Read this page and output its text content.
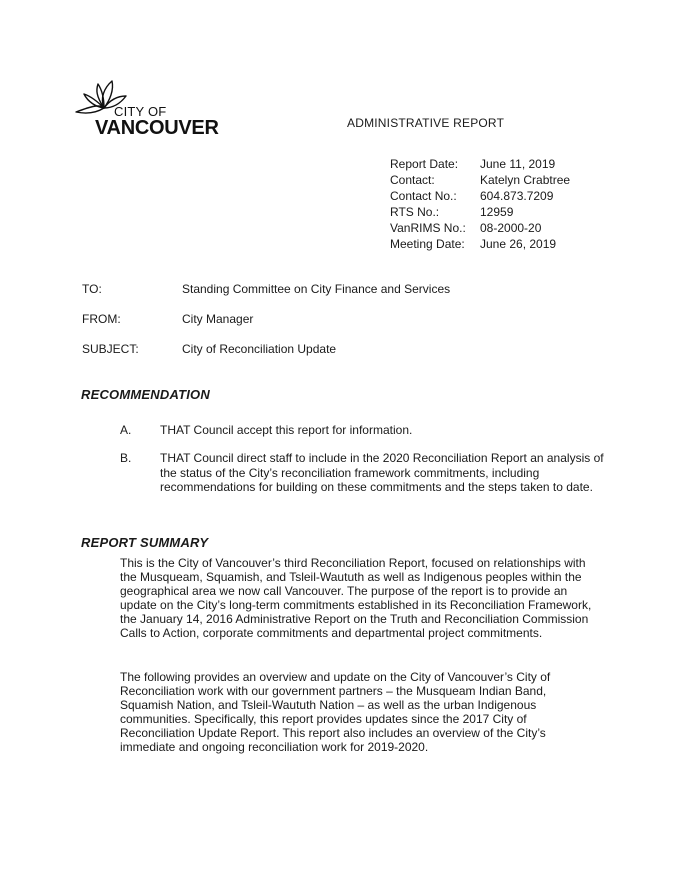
CITY OF
VANCOUVER	ADMINISTRATIVE REPORT
Report Date:	June 11, 2019
Contact:	Katelyn Crabtree
Contact No.:	604.873.7209
RTS No.:	12959
VanRIMS No.:	08-2000-20
Meeting Date:	June 26, 2019
TO:	Standing Committee on City Finance and Services
FROM:	City Manager
SUBJECT:	City of Reconciliation Update
RECOMMENDATION
A. THAT Council accept this report for information.
B. THAT Council direct staff to include in the 2020 Reconciliation Report an analysis of the status of the City’s reconciliation framework commitments, including recommendations for building on these commitments and the steps taken to date.
REPORT SUMMARY
This is the City of Vancouver’s third Reconciliation Report, focused on relationships with the Musqueam, Squamish, and Tsleil-Waututh as well as Indigenous peoples within the geographical area we now call Vancouver. The purpose of the report is to provide an update on the City’s long-term commitments established in its Reconciliation Framework, the January 14, 2016 Administrative Report on the Truth and Reconciliation Commission Calls to Action, corporate commitments and departmental project commitments.
The following provides an overview and update on the City of Vancouver’s City of Reconciliation work with our government partners – the Musqueam Indian Band, Squamish Nation, and Tsleil-Waututh Nation – as well as the urban Indigenous communities. Specifically, this report provides updates since the 2017 City of Reconciliation Update Report. This report also includes an overview of the City’s immediate and ongoing reconciliation work for 2019-2020.
